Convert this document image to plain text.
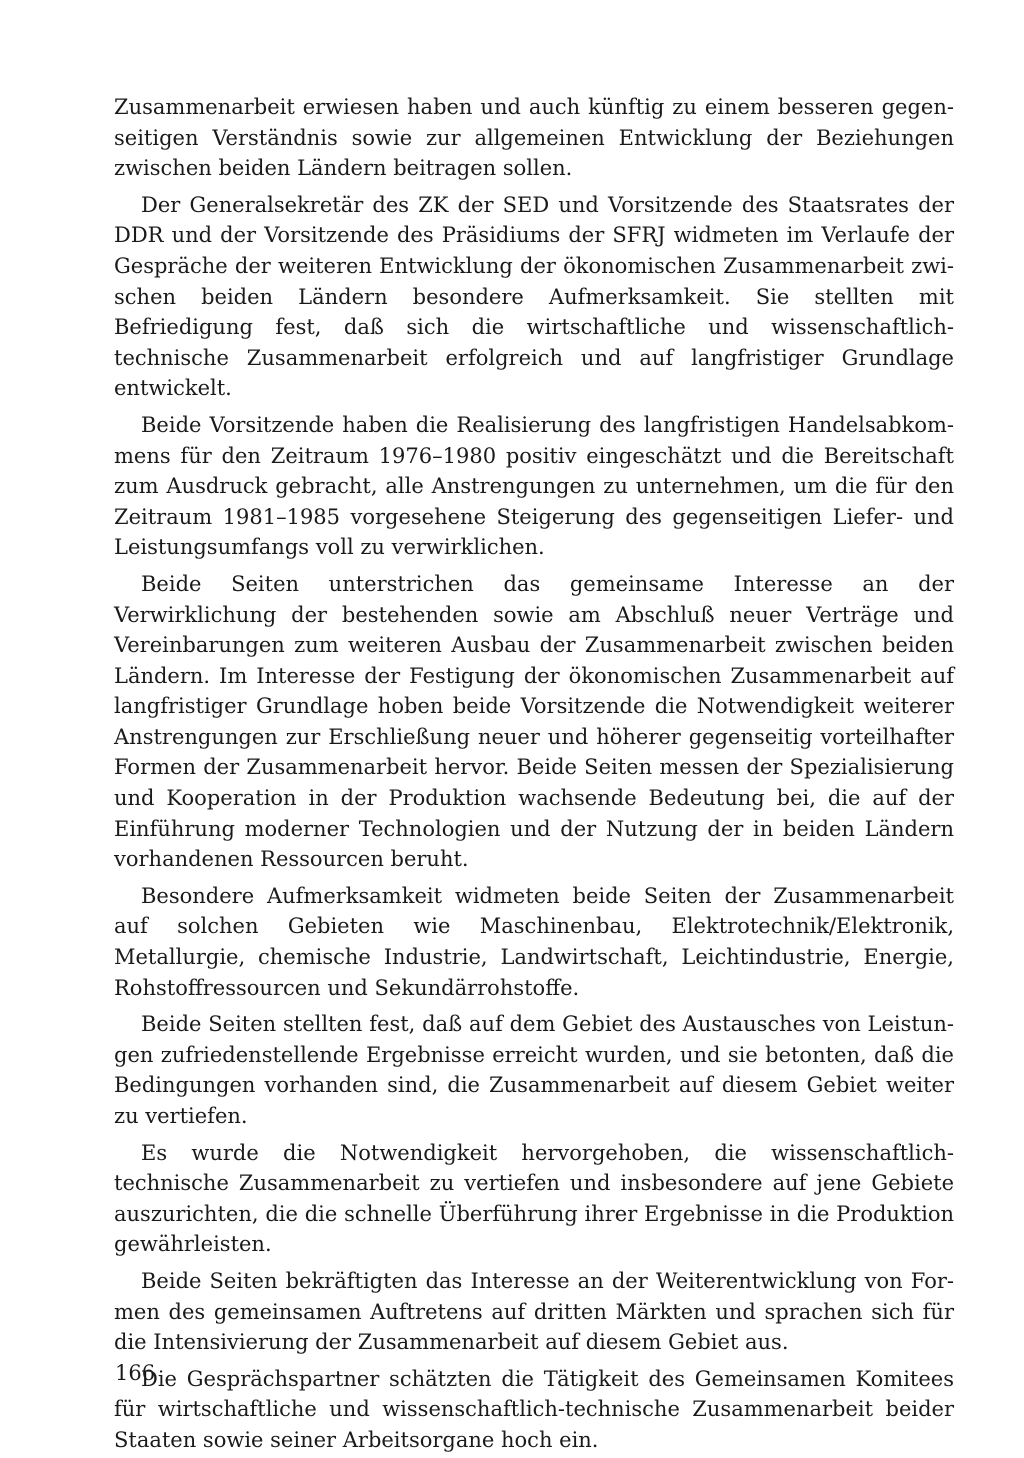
Zusammenarbeit erwiesen haben und auch künftig zu einem besseren gegenseitigen Verständnis sowie zur allgemeinen Entwicklung der Beziehungen zwischen beiden Ländern beitragen sollen.

Der Generalsekretär des ZK der SED und Vorsitzende des Staatsrates der DDR und der Vorsitzende des Präsidiums der SFRJ widmeten im Verlaufe der Gespräche der weiteren Entwicklung der ökonomischen Zusammenarbeit zwischen beiden Ländern besondere Aufmerksamkeit. Sie stellten mit Befriedigung fest, daß sich die wirtschaftliche und wissenschaftlich-technische Zusammenarbeit erfolgreich und auf langfristiger Grundlage entwickelt.

Beide Vorsitzende haben die Realisierung des langfristigen Handelsabkommens für den Zeitraum 1976–1980 positiv eingeschätzt und die Bereitschaft zum Ausdruck gebracht, alle Anstrengungen zu unternehmen, um die für den Zeitraum 1981–1985 vorgesehene Steigerung des gegenseitigen Liefer- und Leistungsumfangs voll zu verwirklichen.

Beide Seiten unterstrichen das gemeinsame Interesse an der Verwirklichung der bestehenden sowie am Abschluß neuer Verträge und Vereinbarungen zum weiteren Ausbau der Zusammenarbeit zwischen beiden Ländern. Im Interesse der Festigung der ökonomischen Zusammenarbeit auf langfristiger Grundlage hoben beide Vorsitzende die Notwendigkeit weiterer Anstrengungen zur Erschließung neuer und höherer gegenseitig vorteilhafter Formen der Zusammenarbeit hervor. Beide Seiten messen der Spezialisierung und Kooperation in der Produktion wachsende Bedeutung bei, die auf der Einführung moderner Technologien und der Nutzung der in beiden Ländern vorhandenen Ressourcen beruht.

Besondere Aufmerksamkeit widmeten beide Seiten der Zusammenarbeit auf solchen Gebieten wie Maschinenbau, Elektrotechnik/Elektronik, Metallurgie, chemische Industrie, Landwirtschaft, Leichtindustrie, Energie, Rohstoffressourcen und Sekundärrohstoffe.

Beide Seiten stellten fest, daß auf dem Gebiet des Austausches von Leistungen zufriedenstellende Ergebnisse erreicht wurden, und sie betonten, daß die Bedingungen vorhanden sind, die Zusammenarbeit auf diesem Gebiet weiter zu vertiefen.

Es wurde die Notwendigkeit hervorgehoben, die wissenschaftlich-technische Zusammenarbeit zu vertiefen und insbesondere auf jene Gebiete auszurichten, die die schnelle Überführung ihrer Ergebnisse in die Produktion gewährleisten.

Beide Seiten bekräftigten das Interesse an der Weiterentwicklung von Formen des gemeinsamen Auftretens auf dritten Märkten und sprachen sich für die Intensivierung der Zusammenarbeit auf diesem Gebiet aus.

Die Gesprächspartner schätzten die Tätigkeit des Gemeinsamen Komitees für wirtschaftliche und wissenschaftlich-technische Zusammenarbeit beider Staaten sowie seiner Arbeitsorgane hoch ein.

166
